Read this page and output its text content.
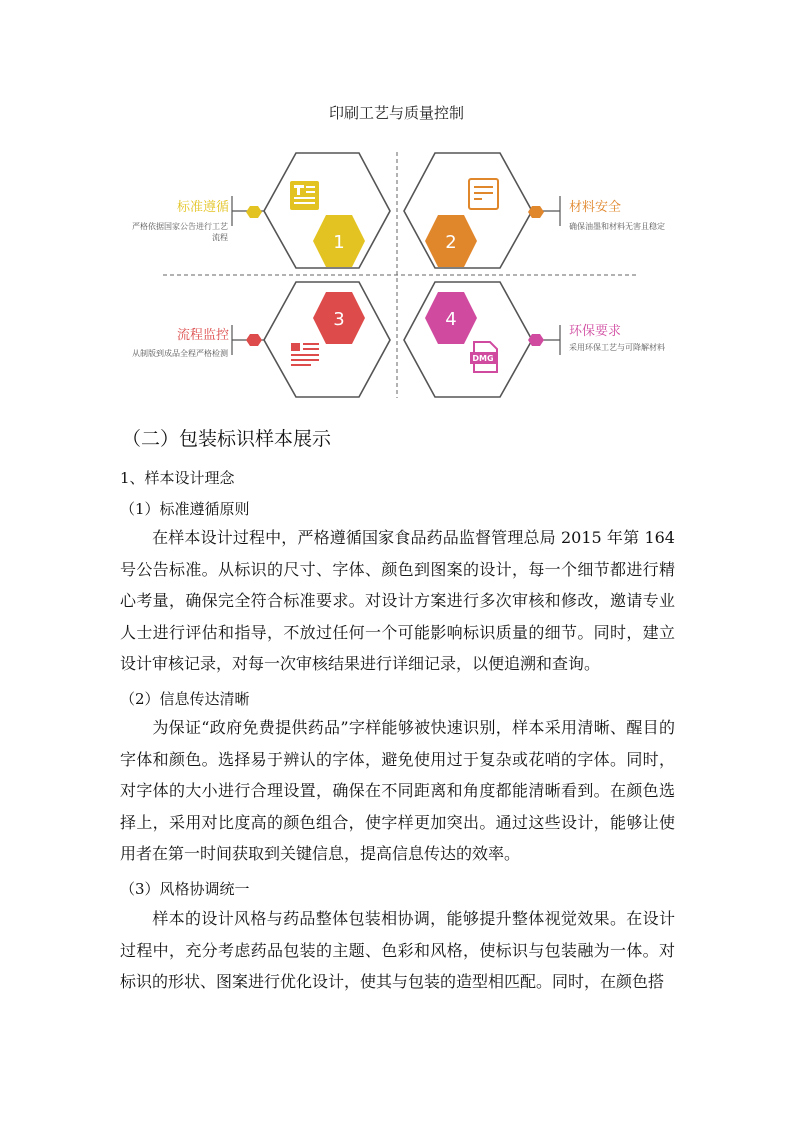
印刷工艺与质量控制
1	2
3	4
DMG
标准遵循
严格依据国家公告进行工艺流程
材料安全
确保油墨和材料无害且稳定
流程监控
从制版到成品全程严格检测
环保要求
采用环保工艺与可降解材料
（二）包装标识样本展示
1、样本设计理念
（1）标准遵循原则
在样本设计过程中，严格遵循国家食品药品监督管理总局 2015 年第 164 号公告标准。从标识的尺寸、字体、颜色到图案的设计，每一个细节都进行精心考量，确保完全符合标准要求。对设计方案进行多次审核和修改，邀请专业人士进行评估和指导，不放过任何一个可能影响标识质量的细节。同时，建立设计审核记录，对每一次审核结果进行详细记录，以便追溯和查询。
（2）信息传达清晰
为保证“政府免费提供药品”字样能够被快速识别，样本采用清晰、醒目的字体和颜色。选择易于辨认的字体，避免使用过于复杂或花哨的字体。同时，对字体的大小进行合理设置，确保在不同距离和角度都能清晰看到。在颜色选择上，采用对比度高的颜色组合，使字样更加突出。通过这些设计，能够让使用者在第一时间获取到关键信息，提高信息传达的效率。
（3）风格协调统一
样本的设计风格与药品整体包装相协调，能够提升整体视觉效果。在设计过程中，充分考虑药品包装的主题、色彩和风格，使标识与包装融为一体。对标识的形状、图案进行优化设计，使其与包装的造型相匹配。同时，在颜色搭
